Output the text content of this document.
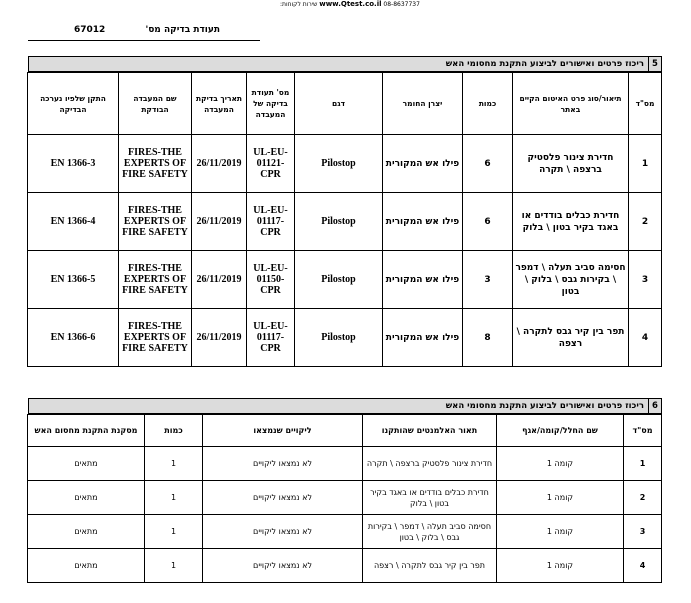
www.Qtest.co.il 08-8637737 שירות לקוחות:
תעודת בדיקה מס'
67012
5
ריכוז פרטים ואישורים לביצוע התקנת מחסומי האש
מס"ד	תיאור/סוג פרט האיטום הקיים באתר	כמות	יצרן החומר	דגם	מס' תעודת בדיקה של המעבדה	תאריך בדיקת המעבדה	שם המעבדה הבודקת	התקן שלפיו נערכה הבדיקה
1	חדירת צינור פלסטיק ברצפה \ תקרה	6	פילו אש המקורית	Pilostop	UL-EU-01121-CPR	26/11/2019	FIRES-THE EXPERTS OF FIRE SAFETY	EN 1366-3
2	חדירת כבלים בודדים או באגד בקיר בטון \ בלוק	6	פילו אש המקורית	Pilostop	UL-EU-01117-CPR	26/11/2019	FIRES-THE EXPERTS OF FIRE SAFETY	EN 1366-4
3	חסימה סביב תעלה \ דמפר \ בקירות גבס \ בלוק \ בטון	3	פילו אש המקורית	Pilostop	UL-EU-01150-CPR	26/11/2019	FIRES-THE EXPERTS OF FIRE SAFETY	EN 1366-5
4	תפר בין קיר גבס לתקרה \ רצפה	8	פילו אש המקורית	Pilostop	UL-EU-01117-CPR	26/11/2019	FIRES-THE EXPERTS OF FIRE SAFETY	EN 1366-6
6
ריכוז פרטים ואישורים לביצוע התקנת מחסומי האש
מס"ד	שם החלל/קומה/אגף	תאור האלמנטים שהותקנו	ליקויים שנמצאו	כמות	מסקנת התקנת מחסום האש
1	קומה 1	חדירת צינור פלסטיק ברצפה \ תקרה	לא נמצאו ליקויים	1	מתאים
2	קומה 1	חדירת כבלים בודדים או באגד בקיר בטון \ בלוק	לא נמצאו ליקויים	1	מתאים
3	קומה 1	חסימה סביב תעלה \ דמפר \ בקירות גבס \ בלוק \ בטון	לא נמצאו ליקויים	1	מתאים
4	קומה 1	תפר בין קיר גבס לתקרה \ רצפה	לא נמצאו ליקויים	1	מתאים
